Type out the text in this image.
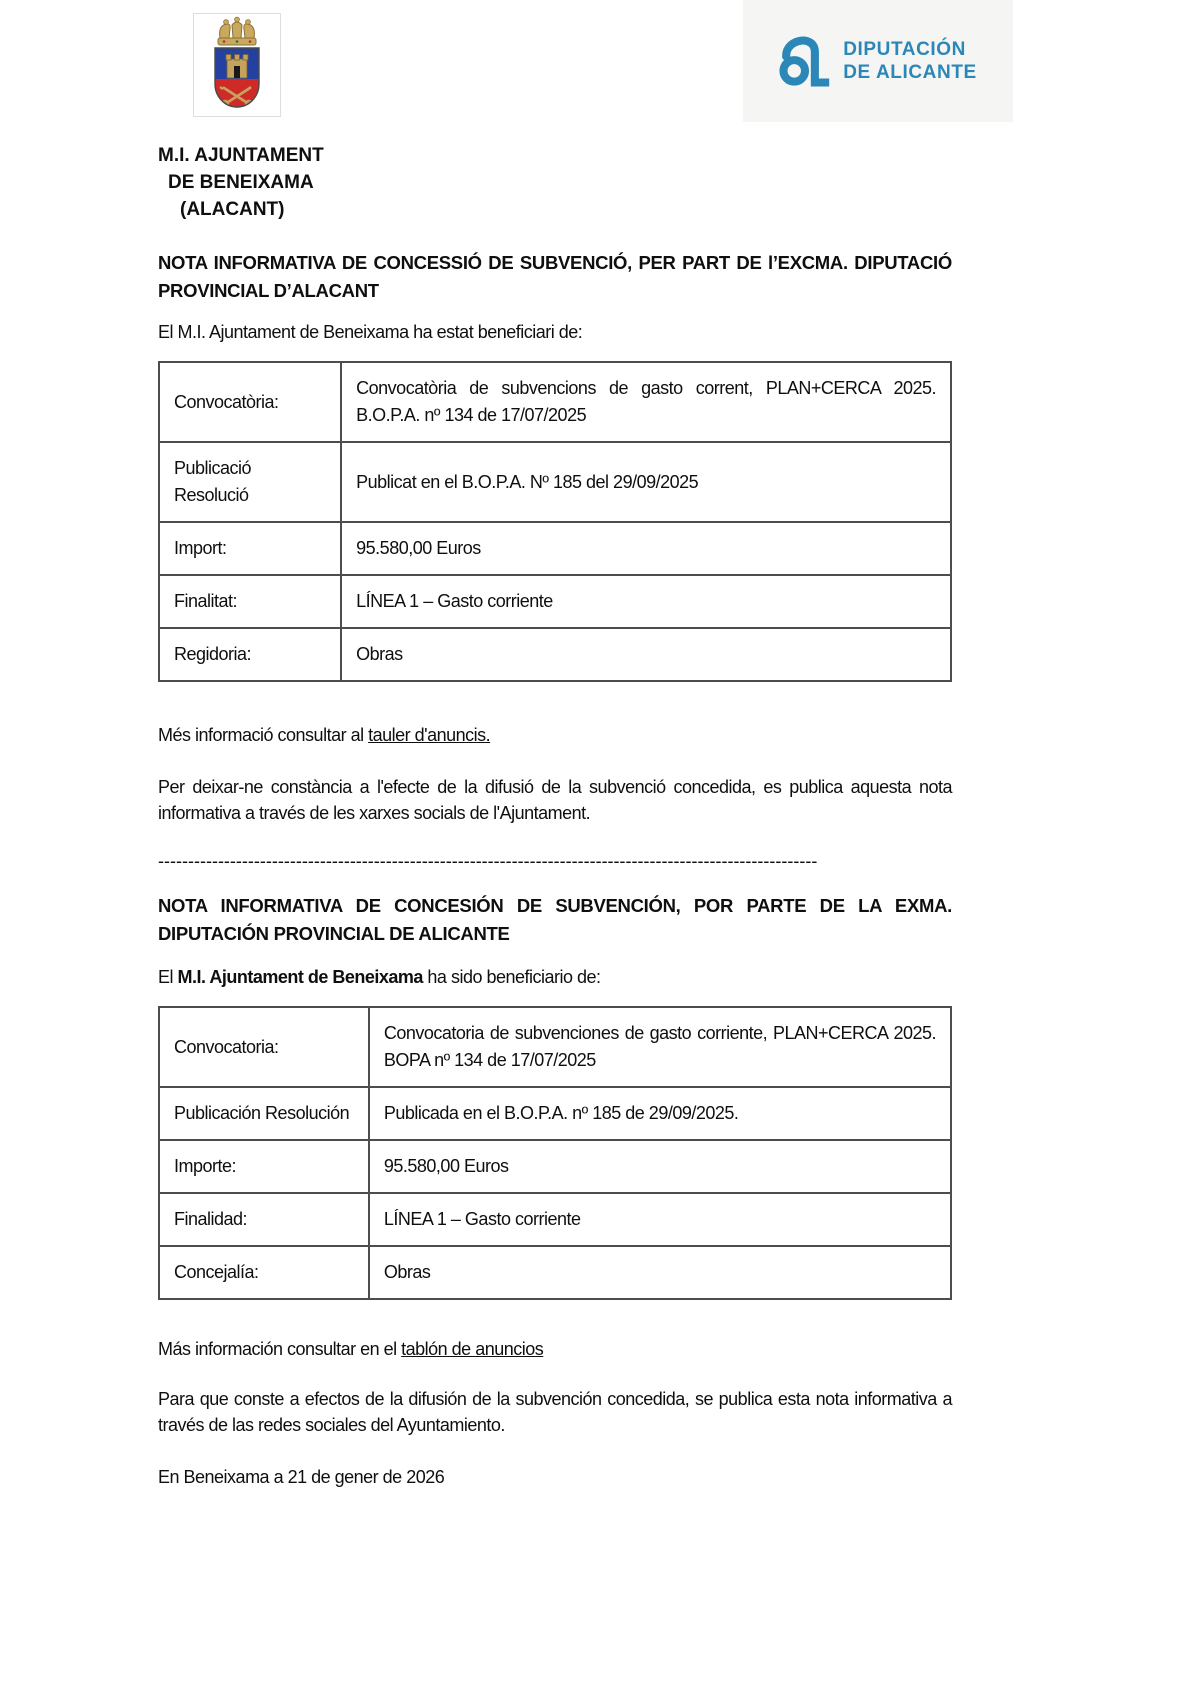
DIPUTACIÓN
DE ALICANTE
M.I. AJUNTAMENT
DE BENEIXAMA
(ALACANT)
NOTA INFORMATIVA DE CONCESSIÓ DE SUBVENCIÓ, PER PART DE l’EXCMA. DIPUTACIÓ PROVINCIAL D’ALACANT
El M.I. Ajuntament de Beneixama ha estat beneficiari de:
Convocatòria:	Convocatòria de subvencions de gasto corrent, PLAN+CERCA 2025. B.O.P.A. nº 134 de 17/07/2025
Publicació Resolució	Publicat en el B.O.P.A. Nº 185 del 29/09/2025
Import:	95.580,00 Euros
Finalitat:	LÍNEA 1 – Gasto corriente
Regidoria:	Obras
Més informació consultar al tauler d'anuncis.
Per deixar-ne constància a l'efecte de la difusió de la subvenció concedida, es publica aquesta nota informativa a través de les xarxes socials de l'Ajuntament.
--------------------------------------------------------------------------------------------------------------
NOTA INFORMATIVA DE CONCESIÓN DE SUBVENCIÓN, POR PARTE DE LA EXMA. DIPUTACIÓN PROVINCIAL DE ALICANTE
El M.I. Ajuntament de Beneixama ha sido beneficiario de:
Convocatoria:	Convocatoria de subvenciones de gasto corriente, PLAN+CERCA 2025. BOPA nº 134 de 17/07/2025
Publicación Resolución	Publicada en el B.O.P.A. nº 185 de 29/09/2025.
Importe:	95.580,00 Euros
Finalidad:	LÍNEA 1 – Gasto corriente
Concejalía:	Obras
Más información consultar en el tablón de anuncios
Para que conste a efectos de la difusión de la subvención concedida, se publica esta nota informativa a través de las redes sociales del Ayuntamiento.
En Beneixama a 21 de gener de 2026
